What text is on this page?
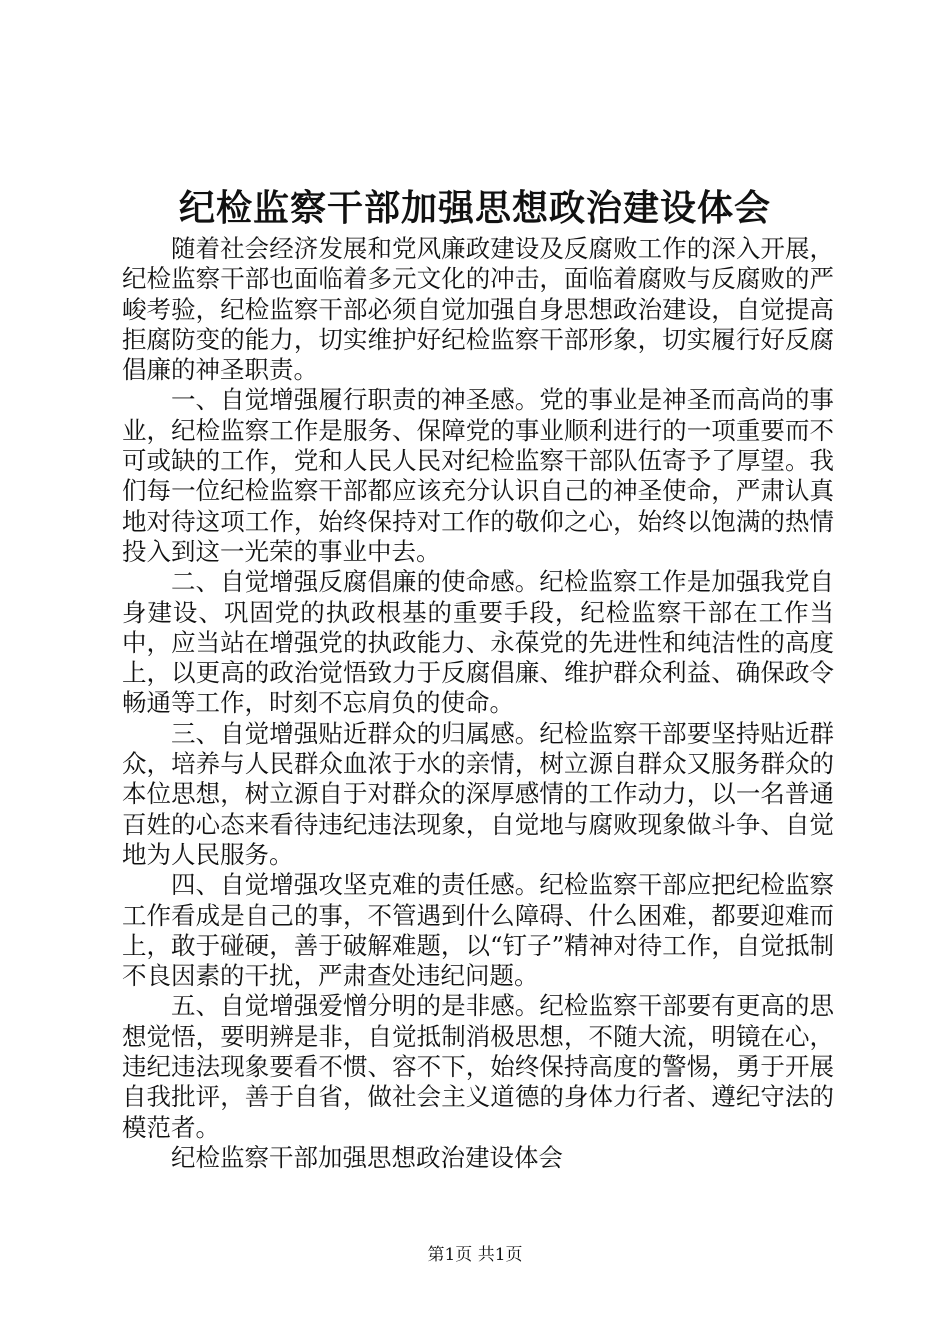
纪检监察干部加强思想政治建设体会

随着社会经济发展和党风廉政建设及反腐败工作的深入开展，纪检监察干部也面临着多元文化的冲击，面临着腐败与反腐败的严峻考验，纪检监察干部必须自觉加强自身思想政治建设，自觉提高拒腐防变的能力，切实维护好纪检监察干部形象，切实履行好反腐倡廉的神圣职责。

一、自觉增强履行职责的神圣感。党的事业是神圣而高尚的事业，纪检监察工作是服务、保障党的事业顺利进行的一项重要而不可或缺的工作，党和人民人民对纪检监察干部队伍寄予了厚望。我们每一位纪检监察干部都应该充分认识自己的神圣使命，严肃认真地对待这项工作，始终保持对工作的敬仰之心，始终以饱满的热情投入到这一光荣的事业中去。

二、自觉增强反腐倡廉的使命感。纪检监察工作是加强我党自身建设、巩固党的执政根基的重要手段，纪检监察干部在工作当中，应当站在增强党的执政能力、永葆党的先进性和纯洁性的高度上，以更高的政治觉悟致力于反腐倡廉、维护群众利益、确保政令畅通等工作，时刻不忘肩负的使命。

三、自觉增强贴近群众的归属感。纪检监察干部要坚持贴近群众，培养与人民群众血浓于水的亲情，树立源自群众又服务群众的本位思想，树立源自于对群众的深厚感情的工作动力，以一名普通百姓的心态来看待违纪违法现象，自觉地与腐败现象做斗争、自觉地为人民服务。

四、自觉增强攻坚克难的责任感。纪检监察干部应把纪检监察工作看成是自己的事，不管遇到什么障碍、什么困难，都要迎难而上，敢于碰硬，善于破解难题，以“钉子”精神对待工作，自觉抵制不良因素的干扰，严肃查处违纪问题。

五、自觉增强爱憎分明的是非感。纪检监察干部要有更高的思想觉悟，要明辨是非，自觉抵制消极思想，不随大流，明镜在心，违纪违法现象要看不惯、容不下，始终保持高度的警惕，勇于开展自我批评，善于自省，做社会主义道德的身体力行者、遵纪守法的模范者。

纪检监察干部加强思想政治建设体会

第1页 共1页
